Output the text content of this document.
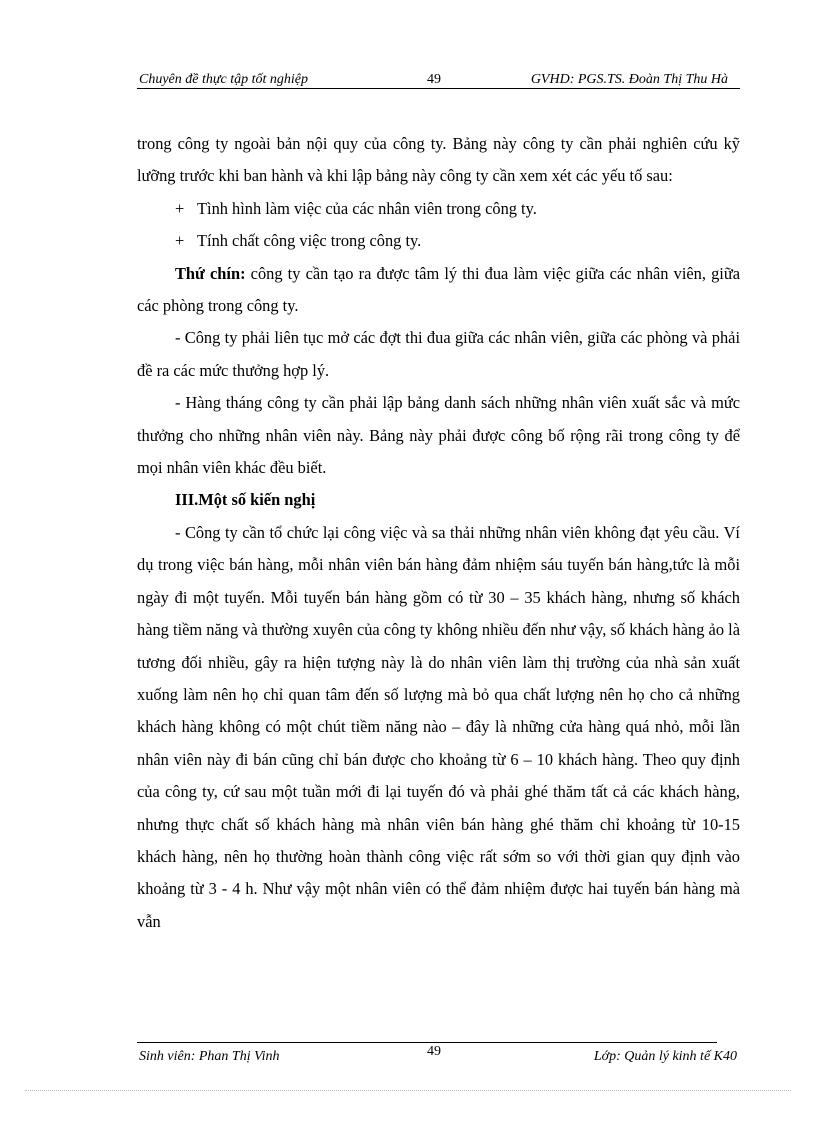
Chuyên đề thực tập tốt nghiệp	49	GVHD: PGS.TS. Đoàn Thị Thu Hà

trong công ty ngoài bản nội quy của công ty. Bảng này công ty cần phải nghiên cứu kỹ lưỡng trước khi ban hành và khi lập bảng này công ty cần xem xét các yếu tố sau:

+ Tình hình làm việc của các nhân viên trong công ty.

+ Tính chất công việc trong công ty.

Thứ chín: công ty cần tạo ra được tâm lý thi đua làm việc giữa các nhân viên, giữa các phòng trong công ty.

- Công ty phải liên tục mở các đợt thi đua giữa các nhân viên, giữa các phòng và phải đề ra các mức thưởng hợp lý.

- Hàng tháng công ty cần phải lập bảng danh sách những nhân viên xuất sắc và mức thưởng cho những nhân viên này. Bảng này phải được công bố rộng rãi trong công ty để mọi nhân viên khác đều biết.

III.Một số kiến nghị

- Công ty cần tổ chức lại công việc và sa thải những nhân viên không đạt yêu cầu. Ví dụ trong việc bán hàng, mỗi nhân viên bán hàng đảm nhiệm sáu tuyến bán hàng,tức là mỗi ngày đi một tuyến. Mỗi tuyến bán hàng gồm có từ 30 – 35 khách hàng, nhưng số khách hàng tiềm năng và thường xuyên của công ty không nhiều đến như vậy, số khách hàng ảo là tương đối nhiều, gây ra hiện tượng này là do nhân viên làm thị trường của nhà sản xuất xuống làm nên họ chỉ quan tâm đến số lượng mà bỏ qua chất lượng nên họ cho cả những khách hàng không có một chút tiềm năng nào – đây là những cửa hàng quá nhỏ, mỗi lần nhân viên này đi bán cũng chỉ bán được cho khoảng từ 6 – 10 khách hàng. Theo quy định của công ty, cứ sau một tuần mới đi lại tuyến đó và phải ghé thăm tất cả các khách hàng, nhưng thực chất số khách hàng mà nhân viên bán hàng ghé thăm chỉ khoảng từ 10-15 khách hàng, nên họ thường hoàn thành công việc rất sớm so với thời gian quy định vào khoảng từ 3 - 4 h. Như vậy một nhân viên có thể đảm nhiệm được hai tuyến bán hàng mà vẫn

Sinh viên: Phan Thị Vinh	49	Lớp: Quản lý kinh tế K40
